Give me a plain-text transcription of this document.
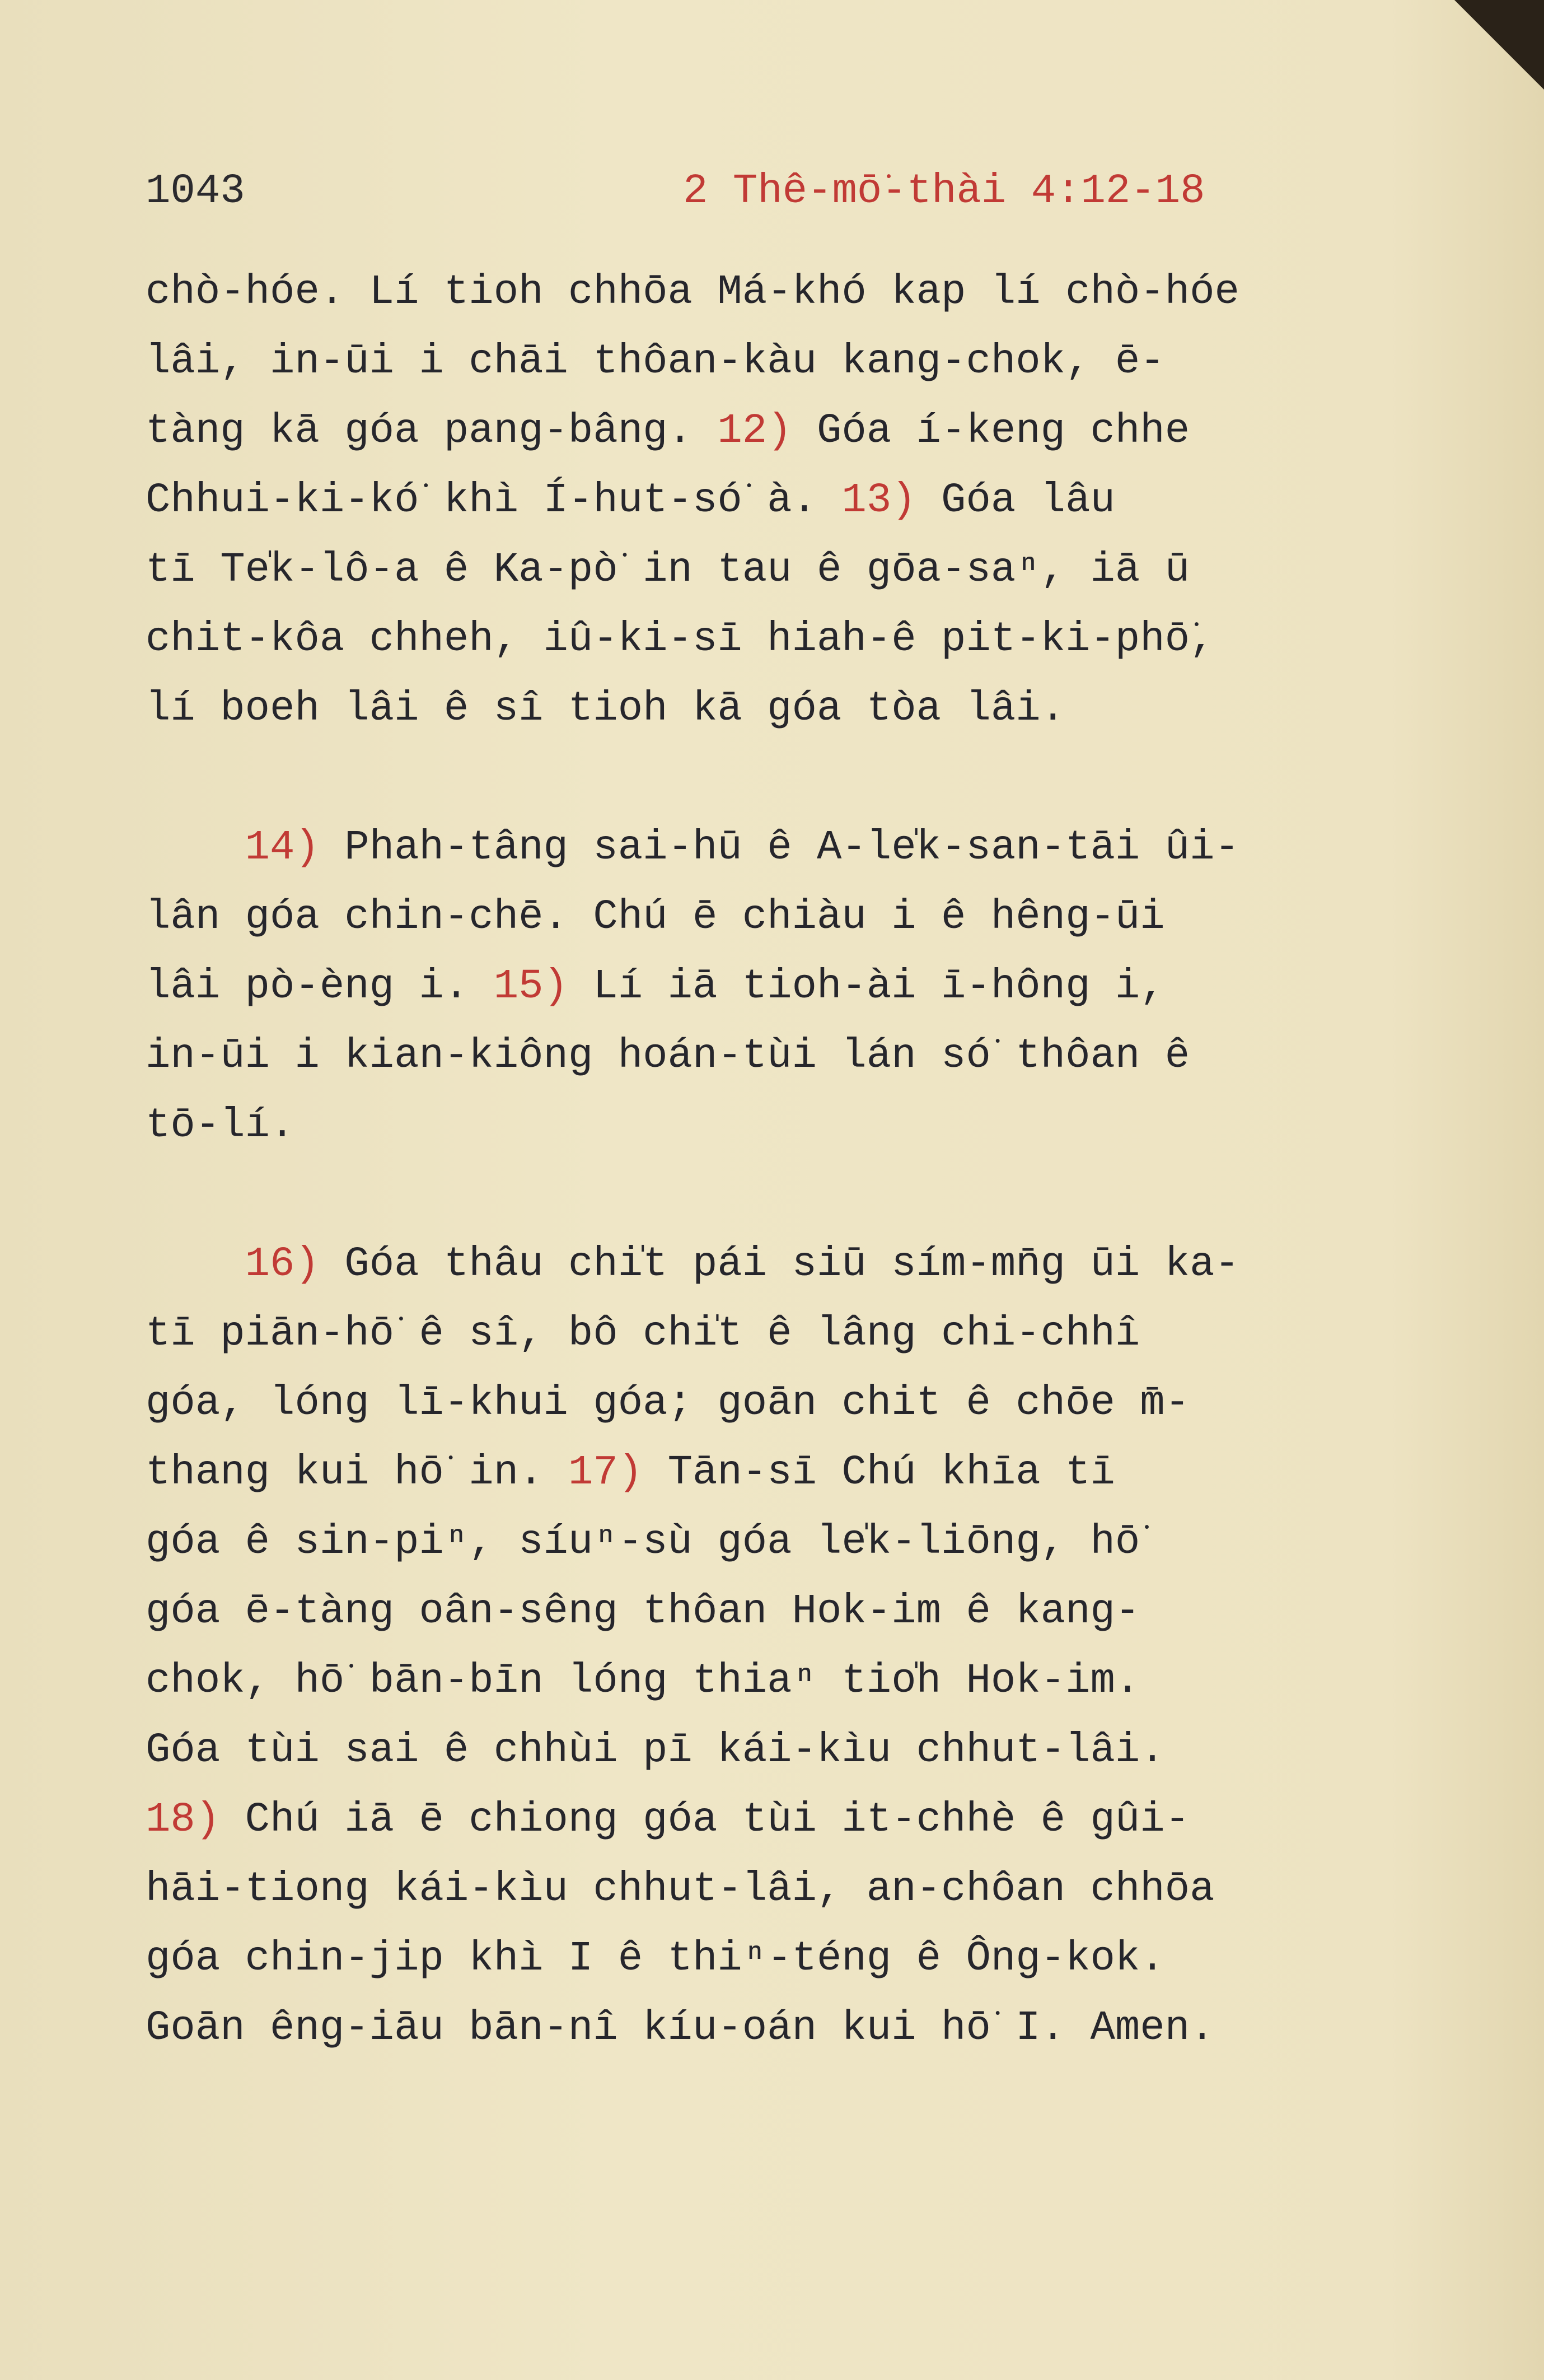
1043	2 Thê-mō͘-thài 4:12-18
chò-hóe. Lí tioh chhōa Má-khó kap lí chò-hóe
lâi, in-ūi i chāi thôan-kàu kang-chok, ē-
tàng kā góa pang-bâng. 12) Góa í-keng chhe
Chhui-ki-kó͘ khì Í-hut-só͘ à. 13) Góa lâu
tī Te̍k-lô-a ê Ka-pò͘ in tau ê gōa-saⁿ, iā ū
chit-kôa chheh, iû-ki-sī hiah-ê pit-ki-phō͘,
lí boeh lâi ê sî tioh kā góa tòa lâi.
14) Phah-tâng sai-hū ê A-le̍k-san-tāi ûi-
lân góa chin-chē. Chú ē chiàu i ê hêng-ūi
lâi pò-èng i. 15) Lí iā tioh-ài ī-hông i,
in-ūi i kian-kiông hoán-tùi lán só͘ thôan ê
tō-lí.
16) Góa thâu chi̍t pái siū sím-mn̄g ūi ka-
tī piān-hō͘ ê sî, bô chi̍t ê lâng chi-chhî
góa, lóng lī-khui góa; goān chit ê chōe m̄-
thang kui hō͘ in. 17) Tān-sī Chú khīa tī
góa ê sin-piⁿ, síuⁿ-sù góa le̍k-liōng, hō͘
góa ē-tàng oân-sêng thôan Hok-im ê kang-
chok, hō͘ bān-bīn lóng thiaⁿ tio̍h Hok-im.
Góa tùi sai ê chhùi pī kái-kìu chhut-lâi.
18) Chú iā ē chiong góa tùi it-chhè ê gûi-
hāi-tiong kái-kìu chhut-lâi, an-chôan chhōa
góa chin-jip khì I ê thiⁿ-téng ê Ông-kok.
Goān êng-iāu bān-nî kíu-oán kui hō͘ I. Amen.
